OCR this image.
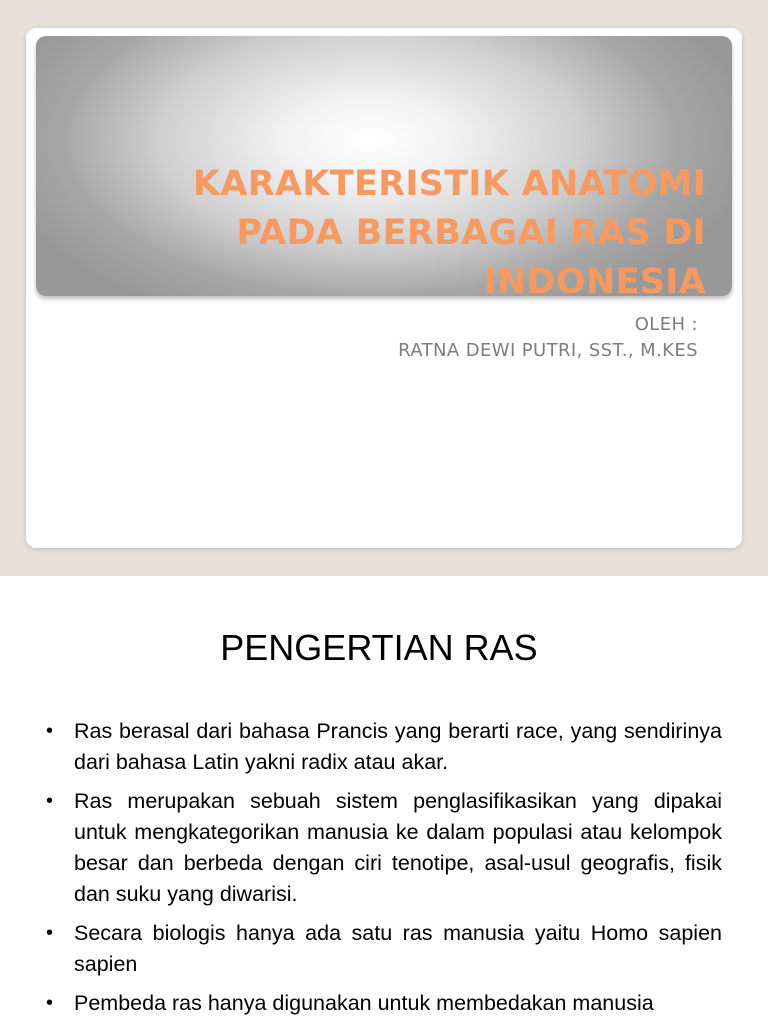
KARAKTERISTIK ANATOMI
PADA BERBAGAI RAS DI
INDONESIA
OLEH :
RATNA DEWI PUTRI, SST., M.KES
PENGERTIAN RAS
• Ras berasal dari bahasa Prancis yang berarti race, yang sendirinya dari bahasa Latin yakni radix atau akar.
• Ras merupakan sebuah sistem penglasifikasikan yang dipakai untuk mengkategorikan manusia ke dalam populasi atau kelompok besar dan berbeda dengan ciri tenotipe, asal-usul geografis, fisik dan suku yang diwarisi.
• Secara biologis hanya ada satu ras manusia yaitu Homo sapien sapien
• Pembeda ras hanya digunakan untuk membedakan manusia
